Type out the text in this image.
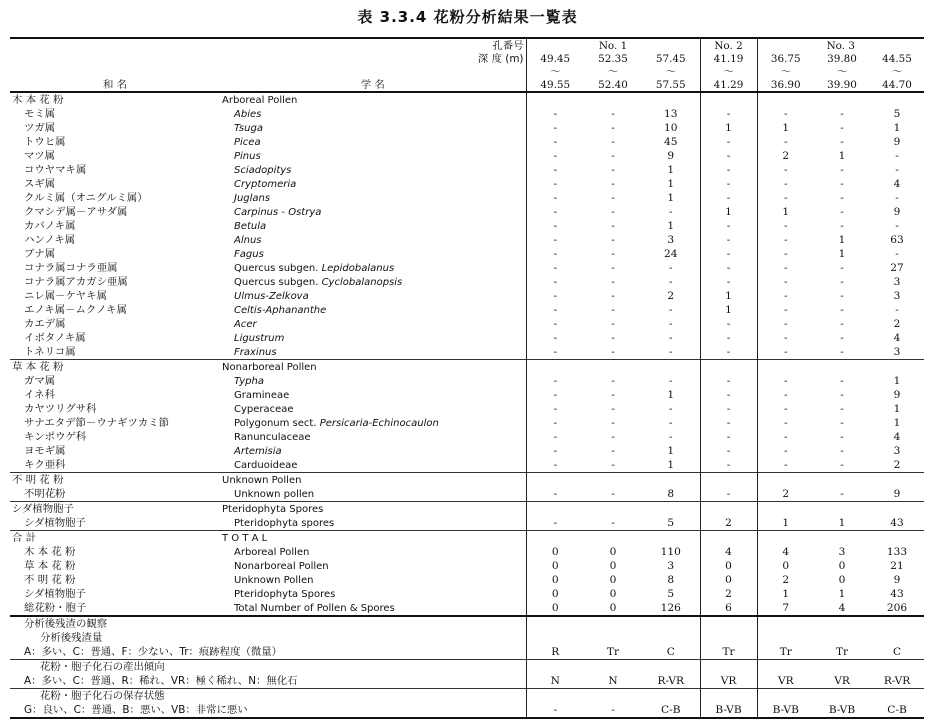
表 3.3.4 花粉分析結果一覧表
	孔番号	No. 1			No. 2	No. 3		
	深 度 (m)	49.45	52.35	57.45	41.19	36.75	39.80	44.55
		～	～	～	～	～	～	～
和 名	学 名	49.55	52.40	57.55	41.29	36.90	39.90	44.70
木 本 花 粉	Arboreal Pollen							
モミ属	Abies	-	-	13	-	-	-	5
ツガ属	Tsuga	-	-	10	1	1	-	1
トウヒ属	Picea	-	-	45	-	-	-	9
マツ属	Pinus	-	-	9	-	2	1	-
コウヤマキ属	Sciadopitys	-	-	1	-	-	-	-
スギ属	Cryptomeria	-	-	1	-	-	-	4
クルミ属（オニグルミ属）	Juglans	-	-	1	-	-	-	-
クマシデ属－アサダ属	Carpinus - Ostrya	-	-	-	1	1	-	9
カバノキ属	Betula	-	-	1	-	-	-	-
ハンノキ属	Alnus	-	-	3	-	-	1	63
ブナ属	Fagus	-	-	24	-	-	1	-
コナラ属コナラ亜属	Quercus subgen. Lepidobalanus	-	-	-	-	-	-	27
コナラ属アカガシ亜属	Quercus subgen. Cyclobalanopsis	-	-	-	-	-	-	3
ニレ属－ケヤキ属	Ulmus-Zelkova	-	-	2	1	-	-	3
エノキ属－ムクノキ属	Celtis-Aphananthe	-	-	-	1	-	-	-
カエデ属	Acer	-	-	-	-	-	-	2
イボタノキ属	Ligustrum	-	-	-	-	-	-	4
トネリコ属	Fraxinus	-	-	-	-	-	-	3
草 本 花 粉	Nonarboreal Pollen							
ガマ属	Typha	-	-	-	-	-	-	1
イネ科	Gramineae	-	-	1	-	-	-	9
カヤツリグサ科	Cyperaceae	-	-	-	-	-	-	1
サナエタデ節－ウナギツカミ節	Polygonum sect. Persicaria-Echinocaulon	-	-	-	-	-	-	1
キンポウゲ科	Ranunculaceae	-	-	-	-	-	-	4
ヨモギ属	Artemisia	-	-	1	-	-	-	3
キク亜科	Carduoideae	-	-	1	-	-	-	2
不 明 花 粉	Unknown Pollen							
不明花粉	Unknown pollen	-	-	8	-	2	-	9
シダ植物胞子	Pteridophyta Spores							
シダ植物胞子	Pteridophyta spores	-	-	5	2	1	1	43
合 計	T O T A L							
木 本 花 粉	Arboreal Pollen	0	0	110	4	4	3	133
草 本 花 粉	Nonarboreal Pollen	0	0	3	0	0	0	21
不 明 花 粉	Unknown Pollen	0	0	8	0	2	0	9
シダ植物胞子	Pteridophyta Spores	0	0	5	2	1	1	43
総花粉・胞子	Total Number of Pollen & Spores	0	0	126	6	7	4	206
分析後残渣の観察								
分析後残渣量								
A：多い、C：普通、F：少ない、Tr：痕跡程度（微量）		R	Tr	C	Tr	Tr	Tr	C
花粉・胞子化石の産出傾向								
A：多い、C：普通、R：稀れ、VR：極く稀れ、N：無化石		N	N	R-VR	VR	VR	VR	R-VR
花粉・胞子化石の保存状態								
G：良い、C：普通、B：悪い、VB：非常に悪い		-	-	C-B	B-VB	B-VB	B-VB	C-B
